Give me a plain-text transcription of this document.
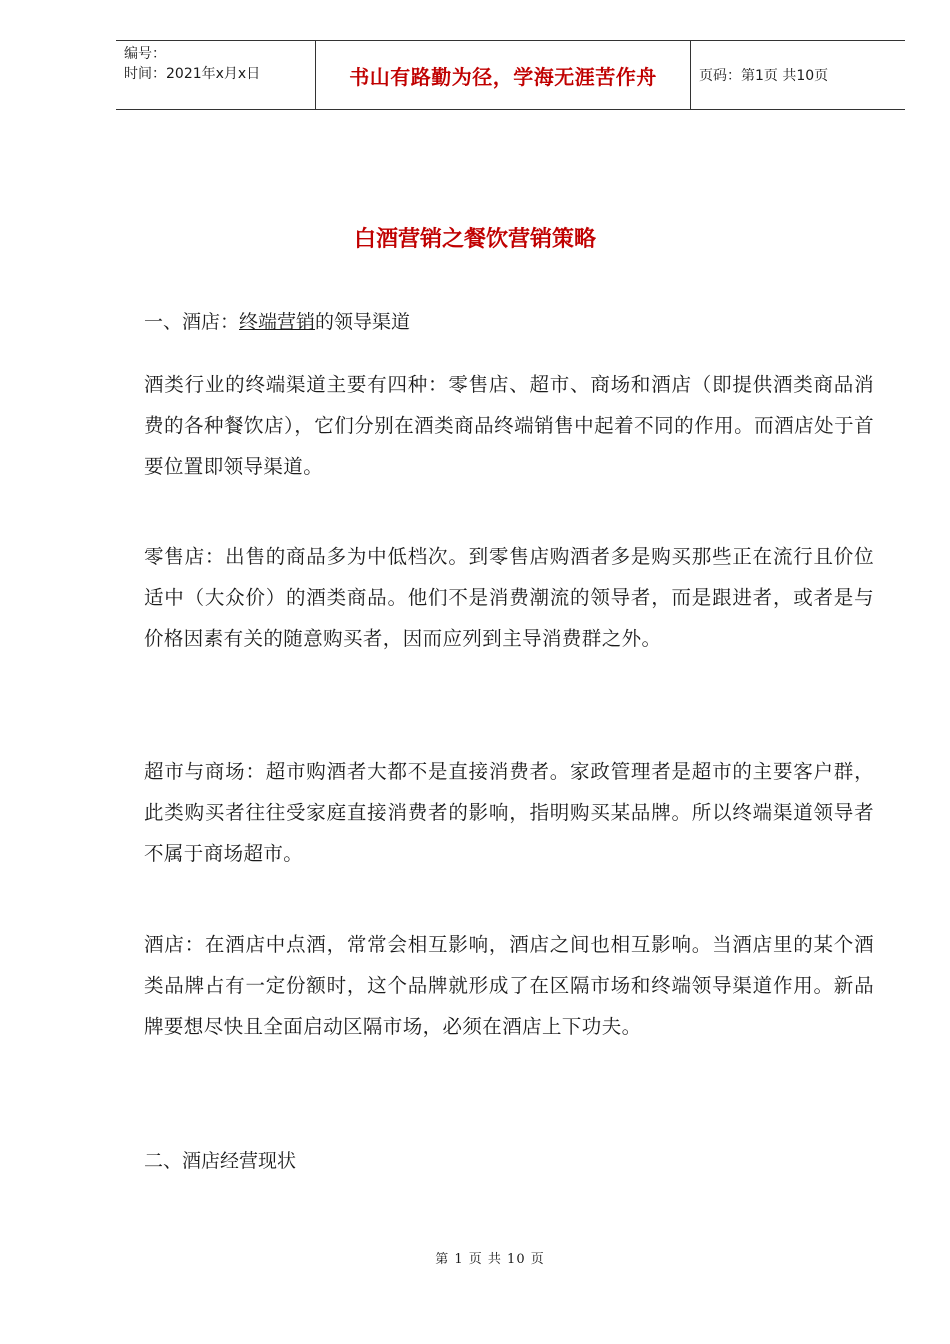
编号：
时间：2021年x月x日	书山有路勤为径，学海无涯苦作舟	页码：第1页 共10页
白酒营销之餐饮营销策略
一、酒店：终端营销的领导渠道

酒类行业的终端渠道主要有四种：零售店、超市、商场和酒店（即提供酒类商品消费的各种餐饮店），它们分别在酒类商品终端销售中起着不同的作用。而酒店处于首要位置即领导渠道。

零售店：出售的商品多为中低档次。到零售店购酒者多是购买那些正在流行且价位适中（大众价）的酒类商品。他们不是消费潮流的领导者，而是跟进者，或者是与价格因素有关的随意购买者，因而应列到主导消费群之外。

超市与商场：超市购酒者大都不是直接消费者。家政管理者是超市的主要客户群，此类购买者往往受家庭直接消费者的影响，指明购买某品牌。所以终端渠道领导者不属于商场超市。

酒店：在酒店中点酒，常常会相互影响，酒店之间也相互影响。当酒店里的某个酒类品牌占有一定份额时，这个品牌就形成了在区隔市场和终端领导渠道作用。新品牌要想尽快且全面启动区隔市场，必须在酒店上下功夫。

二、酒店经营现状
第 1 页 共 10 页
